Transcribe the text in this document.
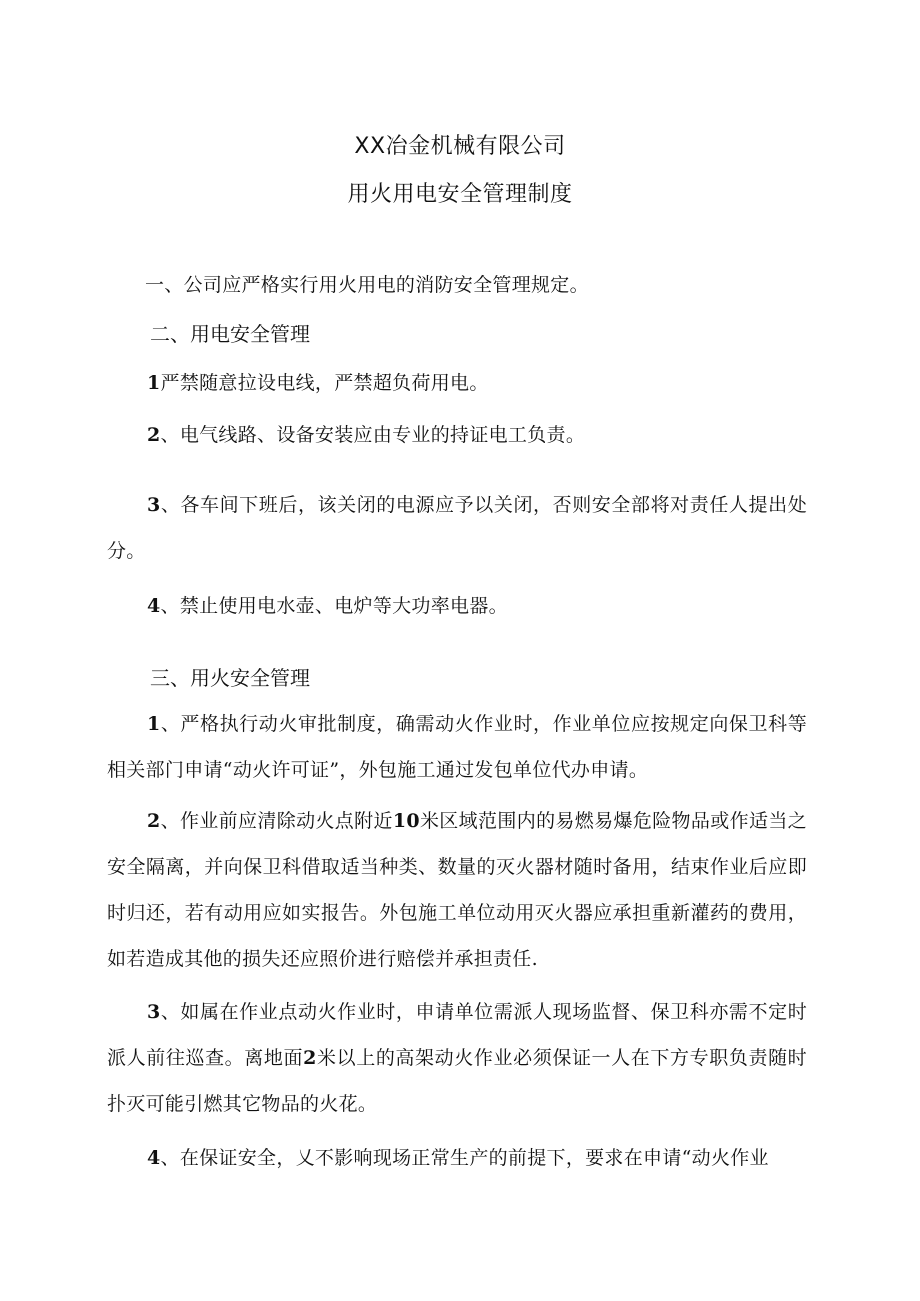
XX冶金机械有限公司
用火用电安全管理制度
一、公司应严格实行用火用电的消防安全管理规定。
二、用电安全管理
1严禁随意拉设电线，严禁超负荷用电。
2、电气线路、设备安装应由专业的持证电工负责。
3、各车间下班后，该关闭的电源应予以关闭，否则安全部将对责任人提出处分。
4、禁止使用电水壶、电炉等大功率电器。
三、用火安全管理
1、严格执行动火审批制度，确需动火作业时，作业单位应按规定向保卫科等相关部门申请“动火许可证”，外包施工通过发包单位代办申请。
2、作业前应清除动火点附近10米区域范围内的易燃易爆危险物品或作适当之安全隔离，并向保卫科借取适当种类、数量的灭火器材随时备用，结束作业后应即时归还，若有动用应如实报告。外包施工单位动用灭火器应承担重新灌药的费用，如若造成其他的损失还应照价进行赔偿并承担责任.
3、如属在作业点动火作业时，申请单位需派人现场监督、保卫科亦需不定时派人前往巡查。离地面2米以上的高架动火作业必须保证一人在下方专职负责随时扑灭可能引燃其它物品的火花。
4、在保证安全，乂不影响现场正常生产的前提下，要求在申请“动火作业
